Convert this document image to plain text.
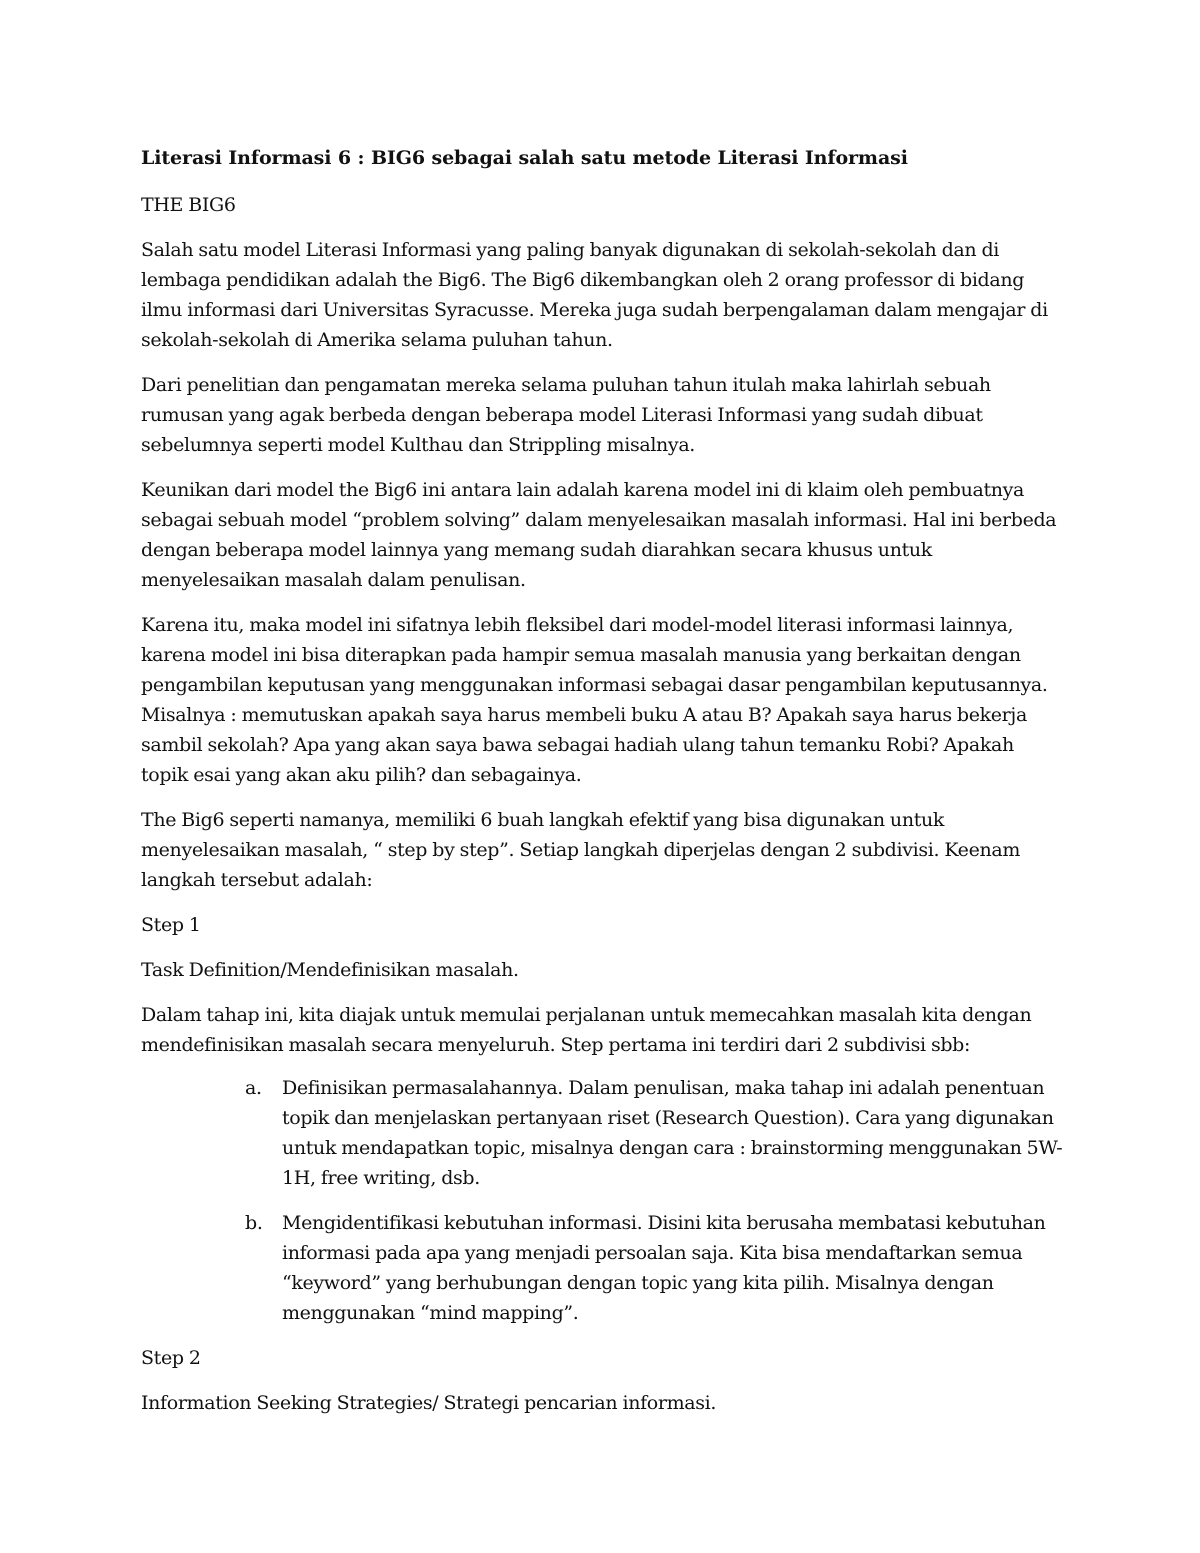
Literasi Informasi 6 : BIG6 sebagai salah satu metode Literasi Informasi
THE BIG6
Salah satu model Literasi Informasi yang paling banyak digunakan di sekolah-sekolah dan di lembaga pendidikan adalah the Big6. The Big6 dikembangkan oleh 2 orang professor di bidang ilmu informasi dari Universitas Syracusse. Mereka juga sudah berpengalaman dalam mengajar di sekolah-sekolah di Amerika selama puluhan tahun.
Dari penelitian dan pengamatan mereka selama puluhan tahun itulah maka lahirlah sebuah rumusan yang agak berbeda dengan beberapa model Literasi Informasi yang sudah dibuat sebelumnya seperti model Kulthau dan Strippling misalnya.
Keunikan dari model the Big6 ini antara lain adalah karena model ini di klaim oleh pembuatnya sebagai sebuah model “problem solving” dalam menyelesaikan masalah informasi. Hal ini berbeda dengan beberapa model lainnya yang memang sudah diarahkan secara khusus untuk menyelesaikan masalah dalam penulisan.
Karena itu, maka model ini sifatnya lebih fleksibel dari model-model literasi informasi lainnya, karena model ini bisa diterapkan pada hampir semua masalah manusia yang berkaitan dengan pengambilan keputusan yang menggunakan informasi sebagai dasar pengambilan keputusannya. Misalnya : memutuskan apakah saya harus membeli buku A atau B? Apakah saya harus bekerja sambil sekolah? Apa yang akan saya bawa sebagai hadiah ulang tahun temanku Robi? Apakah topik esai yang akan aku pilih? dan sebagainya.
The Big6 seperti namanya, memiliki 6 buah langkah efektif yang bisa digunakan untuk menyelesaikan masalah, “ step by step”. Setiap langkah diperjelas dengan 2 subdivisi. Keenam langkah tersebut adalah:
Step 1
Task Definition/Mendefinisikan masalah.
Dalam tahap ini, kita diajak untuk memulai perjalanan untuk memecahkan masalah kita dengan mendefinisikan masalah secara menyeluruh. Step pertama ini terdiri dari 2 subdivisi sbb:
a. Definisikan permasalahannya. Dalam penulisan, maka tahap ini adalah penentuan topik dan menjelaskan pertanyaan riset (Research Question). Cara yang digunakan untuk mendapatkan topic, misalnya dengan cara : brainstorming menggunakan 5W-1H, free writing, dsb.
b. Mengidentifikasi kebutuhan informasi. Disini kita berusaha membatasi kebutuhan informasi pada apa yang menjadi persoalan saja. Kita bisa mendaftarkan semua “keyword” yang berhubungan dengan topic yang kita pilih. Misalnya dengan menggunakan “mind mapping”.
Step 2
Information Seeking Strategies/ Strategi pencarian informasi.
